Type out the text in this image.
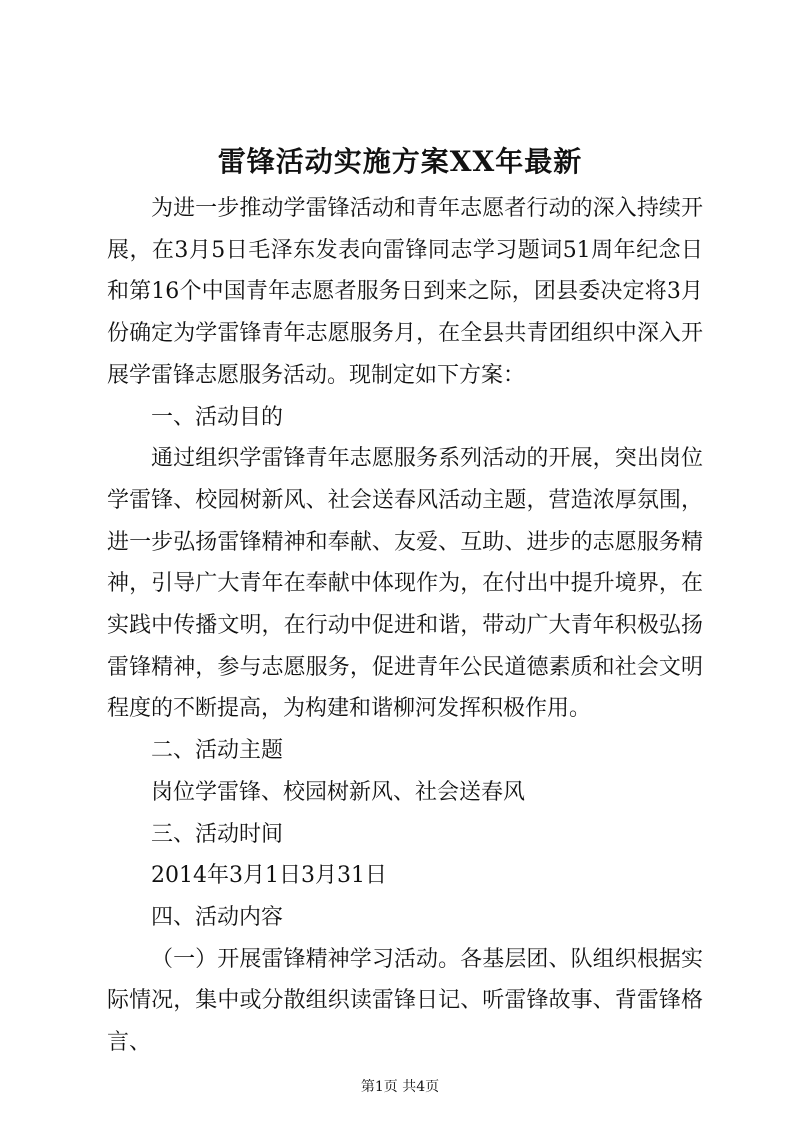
雷锋活动实施方案XX年最新

为进一步推动学雷锋活动和青年志愿者行动的深入持续开展，在3月5日毛泽东发表向雷锋同志学习题词51周年纪念日和第16个中国青年志愿者服务日到来之际，团县委决定将3月份确定为学雷锋青年志愿服务月，在全县共青团组织中深入开展学雷锋志愿服务活动。现制定如下方案：

一、活动目的

通过组织学雷锋青年志愿服务系列活动的开展，突出岗位学雷锋、校园树新风、社会送春风活动主题，营造浓厚氛围，进一步弘扬雷锋精神和奉献、友爱、互助、进步的志愿服务精神，引导广大青年在奉献中体现作为，在付出中提升境界，在实践中传播文明，在行动中促进和谐，带动广大青年积极弘扬雷锋精神，参与志愿服务，促进青年公民道德素质和社会文明程度的不断提高，为构建和谐柳河发挥积极作用。

二、活动主题

岗位学雷锋、校园树新风、社会送春风

三、活动时间

2014年3月1日3月31日

四、活动内容

（一）开展雷锋精神学习活动。各基层团、队组织根据实际情况，集中或分散组织读雷锋日记、听雷锋故事、背雷锋格言、

第1页 共4页
